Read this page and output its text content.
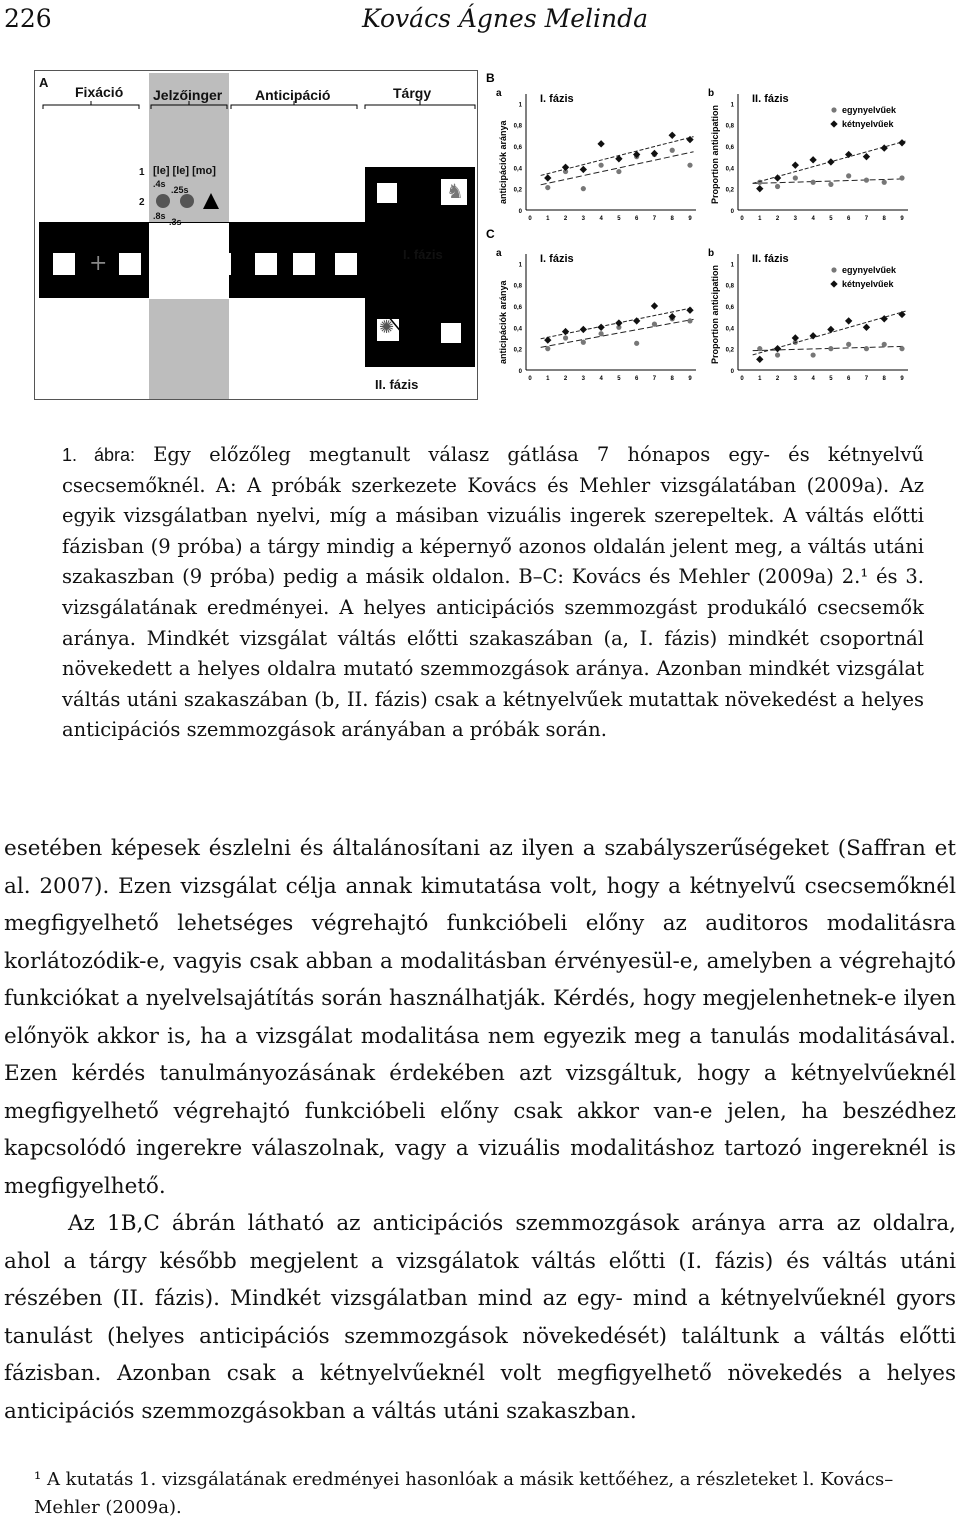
226	Kovács Ágnes Melinda
A
Fixáció Jelzőinger Anticipáció	Tárgy
+
1
2
[le] [le] [mo]
.4s
.25s
.8s
.3s
♞
I. fázis
✺
II. fázis
B
C
a	I. fázis
anticipációk aránya
1
0,8
0,6
0,4
0,2
0
0 1 2 3 4 5 6 7 8 9
b	II. fázis
Proportion anticipation 1
0,8
0,6
0,4
0,2
0
0 1 2 3 4 5 6 7 8 9
egynyelvűek
kétnyelvűek
a	I. fázis
anticipációk aránya
1
0,8
0,6
0,4
0,2
0
0 1 2 3 4 5 6 7 8 9
b	II. fázis
Proportion anticipation 1
0,8
0,6
0,4
0,2
0
0 1 2 3 4 5 6 7 8 9
egynyelvűek
kétnyelvűek

1. ábra: Egy előzőleg megtanult válasz gátlása 7 hónapos egy- és kétnyelvű csecsemőknél. A: A próbák szerkezete Kovács és Mehler vizsgálatában (2009a). Az egyik vizsgálatban nyelvi, míg a másiban vizuális ingerek szerepeltek. A váltás előtti fázisban (9 próba) a tárgy mindig a képernyő azonos oldalán jelent meg, a váltás utáni szakaszban (9 próba) pedig a másik oldalon. B–C: Kovács és Mehler (2009a) 2.¹ és 3. vizsgálatának eredményei. A helyes anticipációs szemmozgást produkáló csecsemők aránya. Mindkét vizsgálat váltás előtti szakaszában (a, I. fázis) mindkét csoportnál növekedett a helyes oldalra mutató szemmozgások aránya. Azonban mindkét vizsgálat váltás utáni szakaszában (b, II. fázis) csak a kétnyelvűek mutattak növekedést a helyes anticipációs szemmozgások arányában a próbák során.

esetében képesek észlelni és általánosítani az ilyen a szabályszerűségeket (Saffran et al. 2007). Ezen vizsgálat célja annak kimutatása volt, hogy a kétnyelvű csecsemőknél megfigyelhető lehetséges végrehajtó funkcióbeli előny az auditoros modalitásra korlátozódik-e, vagyis csak abban a modalitásban érvényesül-e, amelyben a végrehajtó funkciókat a nyelvelsajátítás során használhatják. Kérdés, hogy megjelenhetnek-e ilyen előnyök akkor is, ha a vizsgálat modalitása nem egyezik meg a tanulás modalitásával. Ezen kérdés tanulmányozásának érdekében azt vizsgáltuk, hogy a kétnyelvűeknél megfigyelhető végrehajtó funkcióbeli előny csak akkor van-e jelen, ha beszédhez kapcsolódó ingerekre válaszolnak, vagy a vizuális modalitáshoz tartozó ingereknél is megfigyelhető.

Az 1B,C ábrán látható az anticipációs szemmozgások aránya arra az oldalra, ahol a tárgy később megjelent a vizsgálatok váltás előtti (I. fázis) és váltás utáni részében (II. fázis). Mindkét vizsgálatban mind az egy- mind a kétnyelvűeknél gyors tanulást (helyes anticipációs szemmozgások növekedését) találtunk a váltás előtti fázisban. Azonban csak a kétnyelvűeknél volt megfigyelhető növekedés a helyes anticipációs szemmozgásokban a váltás utáni szakaszban.

¹ A kutatás 1. vizsgálatának eredményei hasonlóak a másik kettőéhez, a részleteket l. Kovács–Mehler (2009a).
